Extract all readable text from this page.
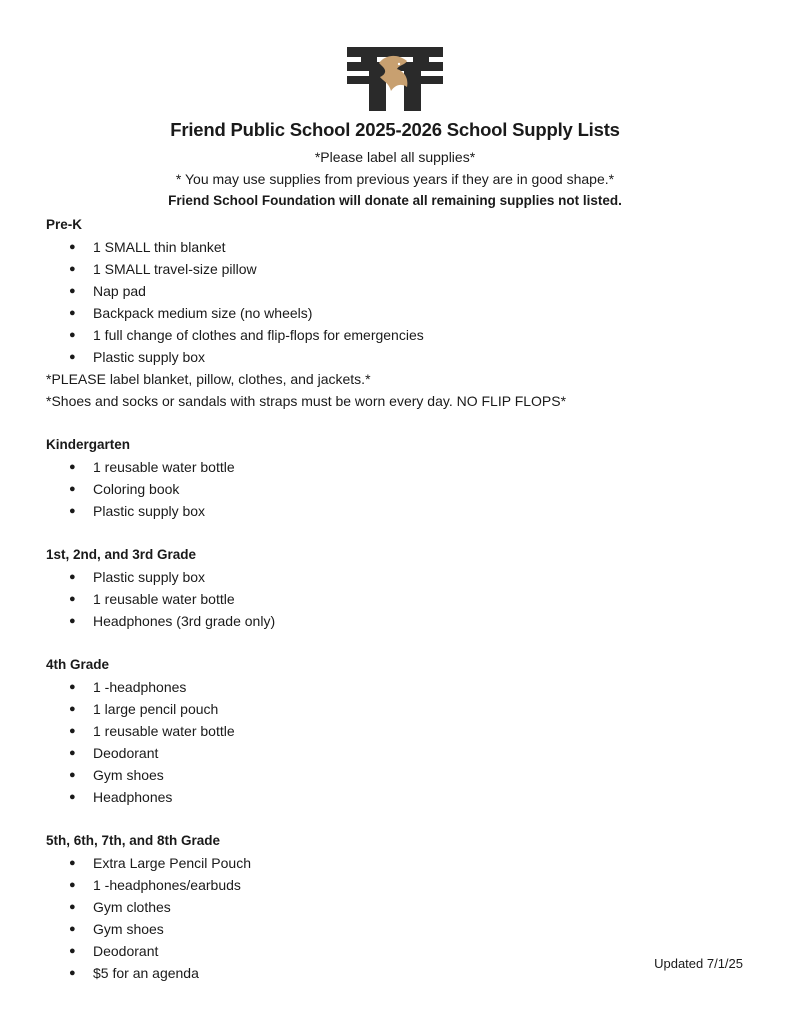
Friend Public School 2025-2026 School Supply Lists
*Please label all supplies*
* You may use supplies from previous years if they are in good shape.*
Friend School Foundation will donate all remaining supplies not listed.
Pre-K
● 1 SMALL thin blanket
● 1 SMALL travel-size pillow
● Nap pad
● Backpack medium size (no wheels)
● 1 full change of clothes and flip-flops for emergencies
● Plastic supply box
*PLEASE label blanket, pillow, clothes, and jackets.*
*Shoes and socks or sandals with straps must be worn every day. NO FLIP FLOPS*
Kindergarten
● 1 reusable water bottle
● Coloring book
● Plastic supply box
1st, 2nd, and 3rd Grade
● Plastic supply box
● 1 reusable water bottle
● Headphones (3rd grade only)
4th Grade
● 1 -headphones
● 1 large pencil pouch
● 1 reusable water bottle
● Deodorant
● Gym shoes
● Headphones
5th, 6th, 7th, and 8th Grade
● Extra Large Pencil Pouch
● 1 -headphones/earbuds
● Gym clothes
● Gym shoes
● Deodorant
● $5 for an agenda
Updated 7/1/25
